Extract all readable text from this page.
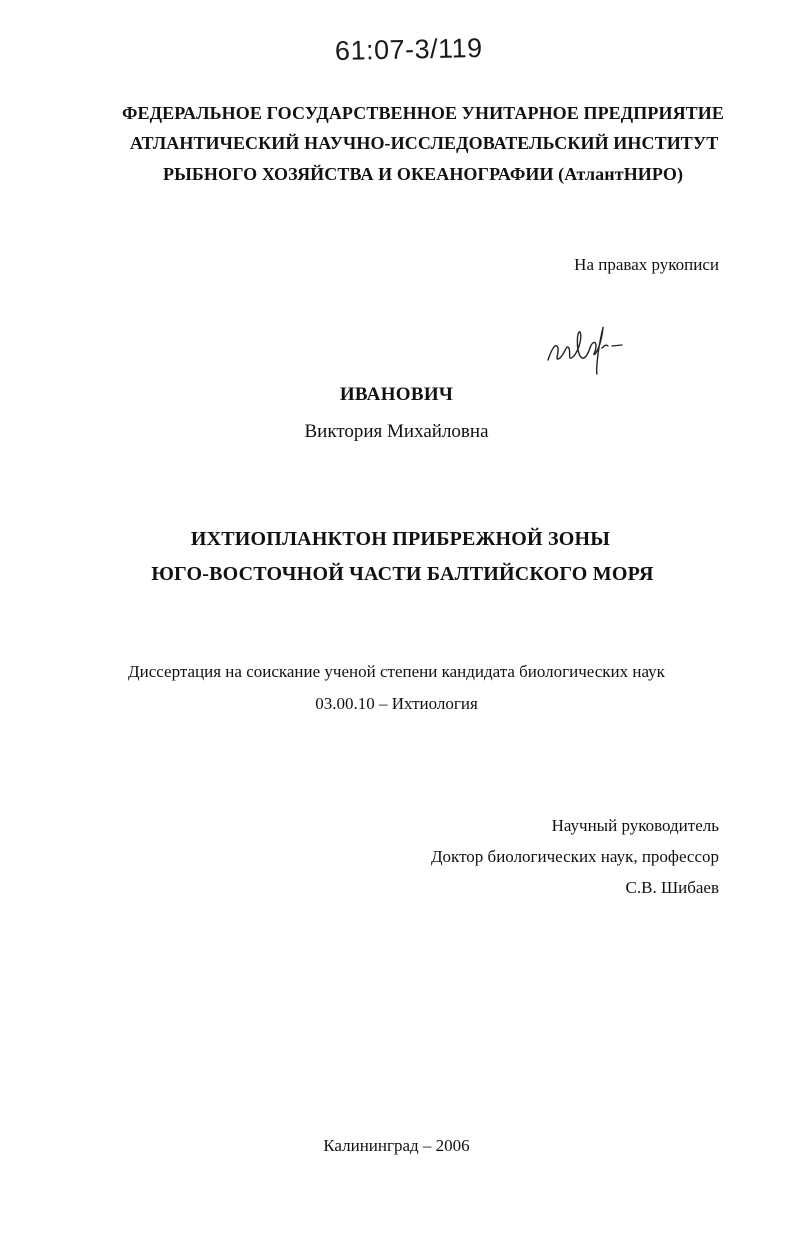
61:07-3/119
ФЕДЕРАЛЬНОЕ ГОСУДАРСТВЕННОЕ УНИТАРНОЕ ПРЕДПРИЯТИЕ
АТЛАНТИЧЕСКИЙ НАУЧНО-ИССЛЕДОВАТЕЛЬСКИЙ ИНСТИТУТ
РЫБНОГО ХОЗЯЙСТВА И ОКЕАНОГРАФИИ (АтлантНИРО)
На правах рукописи
ИВАНОВИЧ
Виктория Михайловна
ИХТИОПЛАНКТОН ПРИБРЕЖНОЙ ЗОНЫ
ЮГО-ВОСТОЧНОЙ ЧАСТИ БАЛТИЙСКОГО МОРЯ
Диссертация на соискание ученой степени кандидата биологических наук
03.00.10 – Ихтиология
Научный руководитель
Доктор биологических наук, профессор
С.В. Шибаев
Калининград – 2006
